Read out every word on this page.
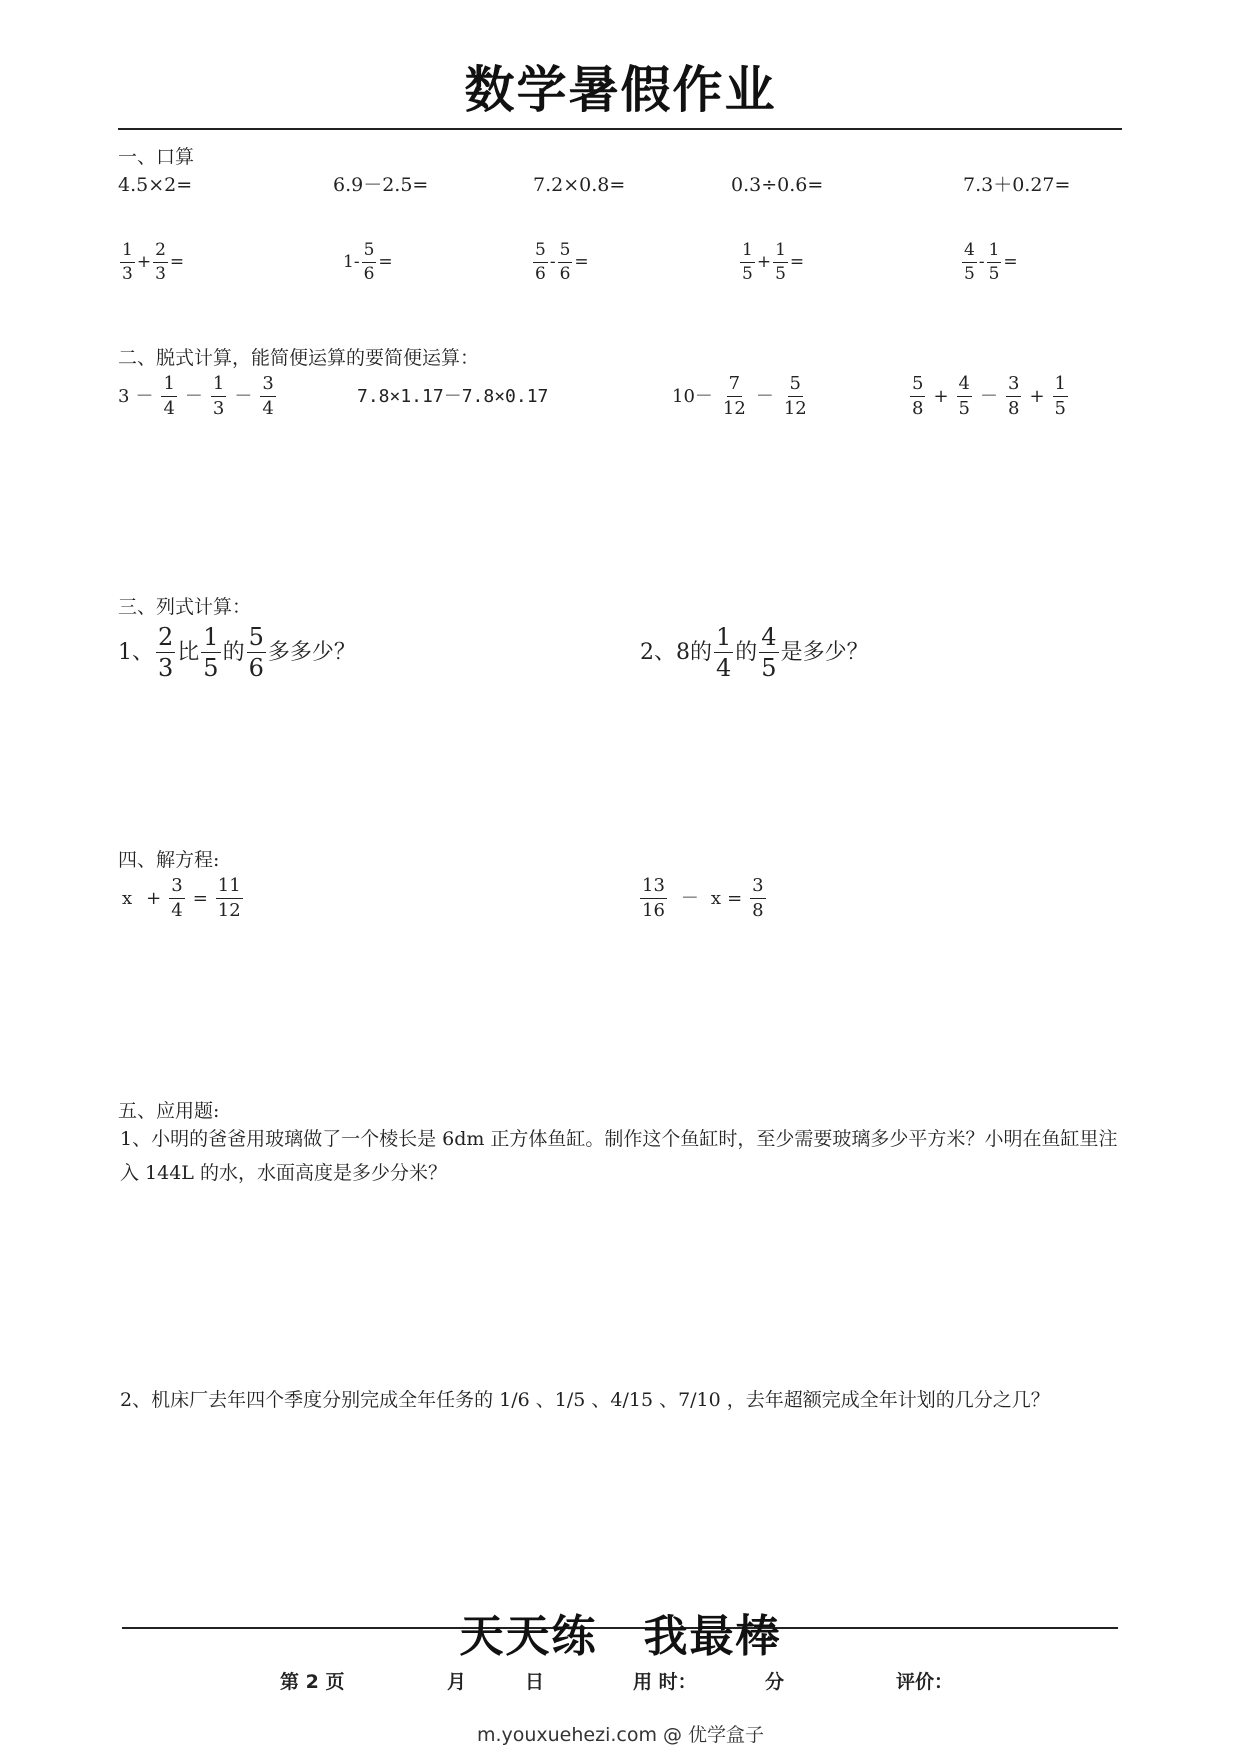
数学暑假作业
一、口算
4.5×2=	6.9－2.5=	7.2×0.8=	0.3÷0.6=	7.3＋0.27=
$\frac{1}{3} + \frac{2}{3}$ =	$1- \frac{5}{6}$ =	$\frac{5}{6} - \frac{5}{6}$ =	$\frac{1}{5} + \frac{1}{5}$ =	$\frac{4}{5} - \frac{1}{5}$ =
二、脱式计算，能简便运算的要简便运算：
$3 - \frac{1}{4} - \frac{1}{3} - \frac{3}{4}$	7.8×1.17－7.8×0.17	$10- \frac{7}{12} - \frac{5}{12}$	$\frac{5}{8} + \frac{4}{5} - \frac{3}{8} + \frac{1}{5}$
三、列式计算：
1、 $\frac{2}{3}$ 比 $\frac{1}{5}$ 的 $\frac{5}{6}$ 多多少？	2、8的 $\frac{1}{4}$ 的 $\frac{4}{5}$ 是多少？
四、解方程:
$x + \frac{3}{4} = \frac{11}{12}$	$\frac{13}{16} - x = \frac{3}{8}$
五、应用题:
1、小明的爸爸用玻璃做了一个棱长是 6dm 正方体鱼缸。制作这个鱼缸时，至少需要玻璃多少平方米？小明在鱼缸里注入 144L 的水，水面高度是多少分米？
2、机床厂去年四个季度分别完成全年任务的 1/6 、1/5 、4/15 、7/10 ，去年超额完成全年计划的几分之几？
天天练　我最棒
第 2 页	月	日	用 时：	分	评价：
m.youxuehezi.com @ 优学盒子
